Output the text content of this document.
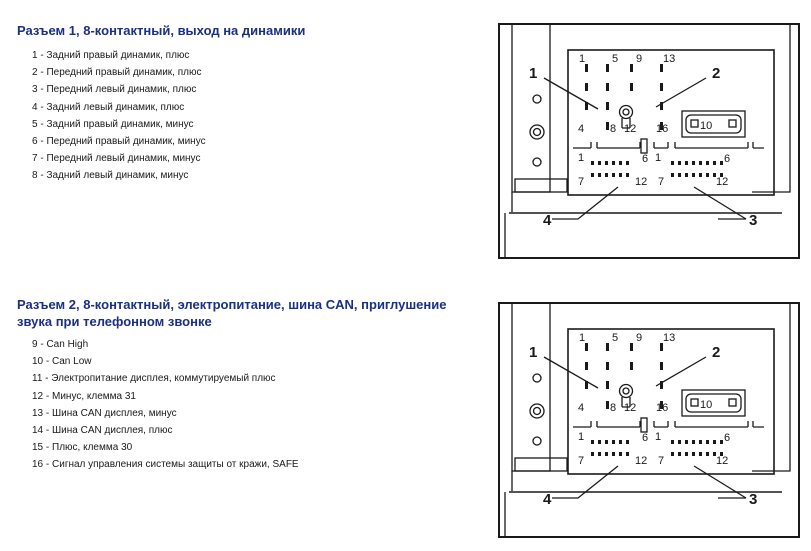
Разъем 1, 8-контактный, выход на динамики
1 - Задний правый динамик, плюс
2 - Передний правый динамик, плюс
3 - Передний левый динамик, плюс
4 - Задний левый динамик, плюс
5 - Задний правый динамик, минус
6 - Передний правый динамик, минус
7 - Передний левый динамик, минус
8 - Задний левый динамик, минус
1	2
3
4
1 5 9 13
4 8 12 16	10
1	6
7	12
1	6
7	12
Разъем 2, 8-контактный, электропитание, шина CAN, приглушение звука при телефонном звонке
9 - Can High
10 - Can Low
11 - Электропитание дисплея, коммутируемый плюс
12 - Минус, клемма 31
13 - Шина CAN дисплея, минус
14 - Шина CAN дисплея, плюс
15 - Плюс, клемма 30
16 - Сигнал управления системы защиты от кражи, SAFE
1	2
3
4
1 5 9 13
4 8 12 16	10
1	6
7	12
1	6
7	12
